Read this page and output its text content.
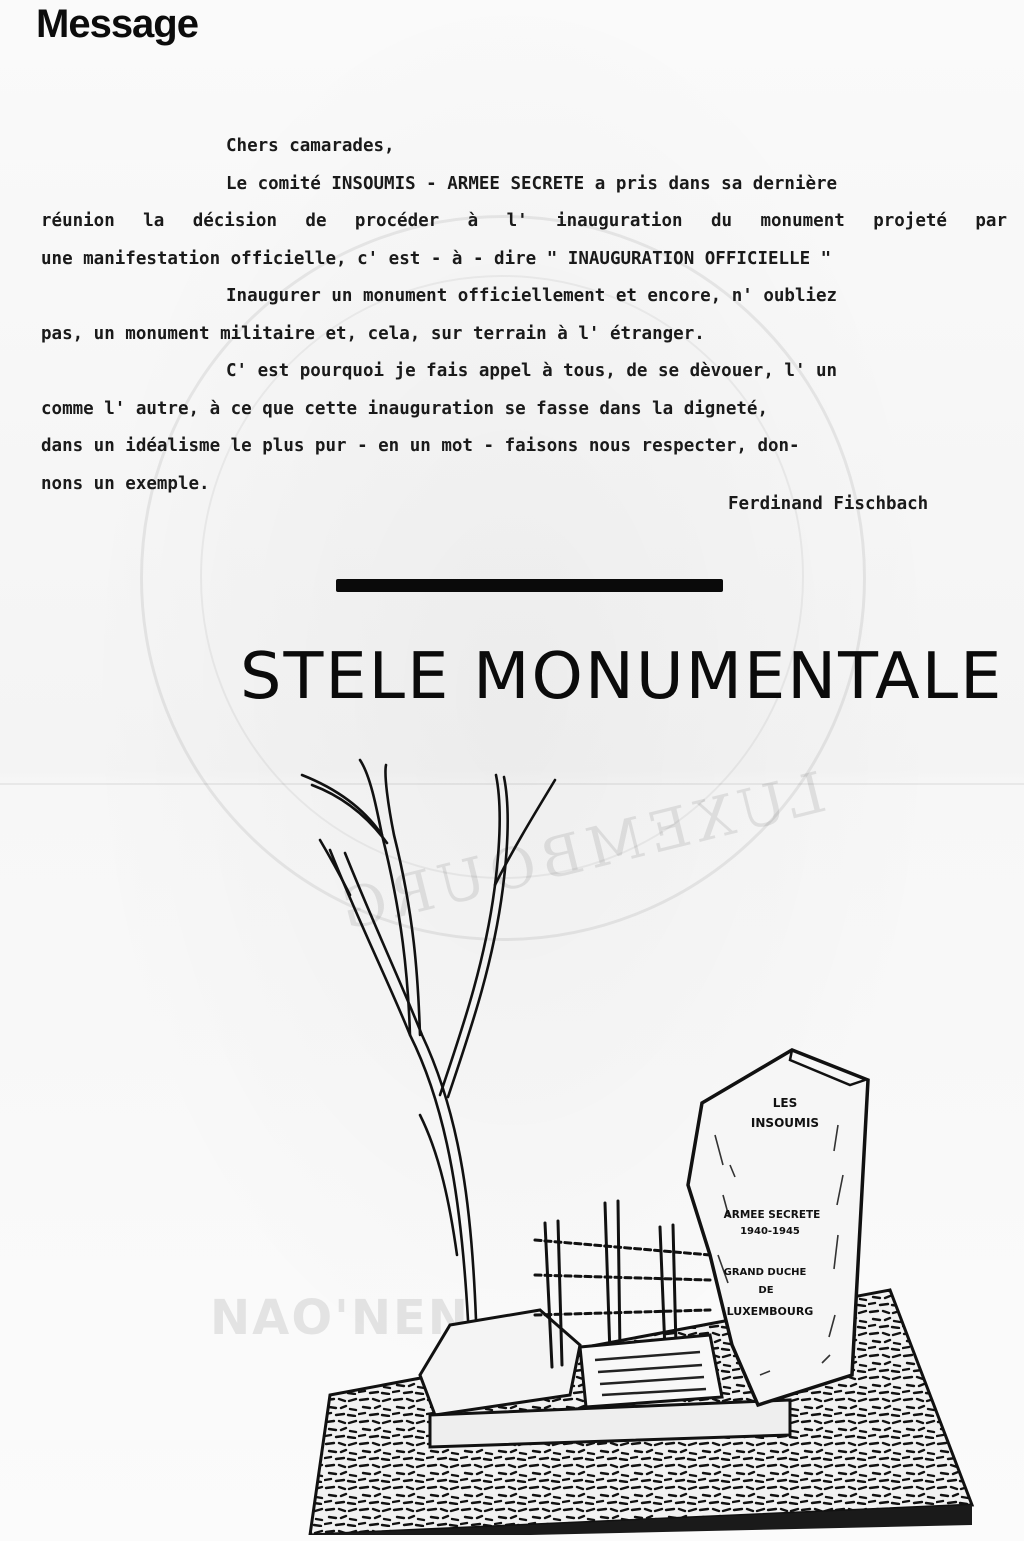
LUXEMBOURG
NAO'NEN
Message
Chers camarades,
Le comité INSOUMIS - ARMEE SECRETE a pris dans sa dernière
réunion la décision de procéder à l' inauguration du monument projeté par
une manifestation officielle, c' est - à - dire " INAUGURATION OFFICIELLE "
Inaugurer un monument officiellement et encore, n' oubliez
pas, un monument militaire et, cela, sur terrain à l' étranger.
C' est pourquoi je fais appel à tous, de se dèvouer, l' un
comme l' autre, à ce que cette inauguration se fasse dans la digneté,
dans un idéalisme le plus pur - en un mot - faisons nous respecter, don-
nons un exemple.
Ferdinand Fischbach
STELE MONUMENTALE
LES
INSOUMIS
ARMEE SECRETE
1940-1945
GRAND DUCHE
DE
LUXEMBOURG
